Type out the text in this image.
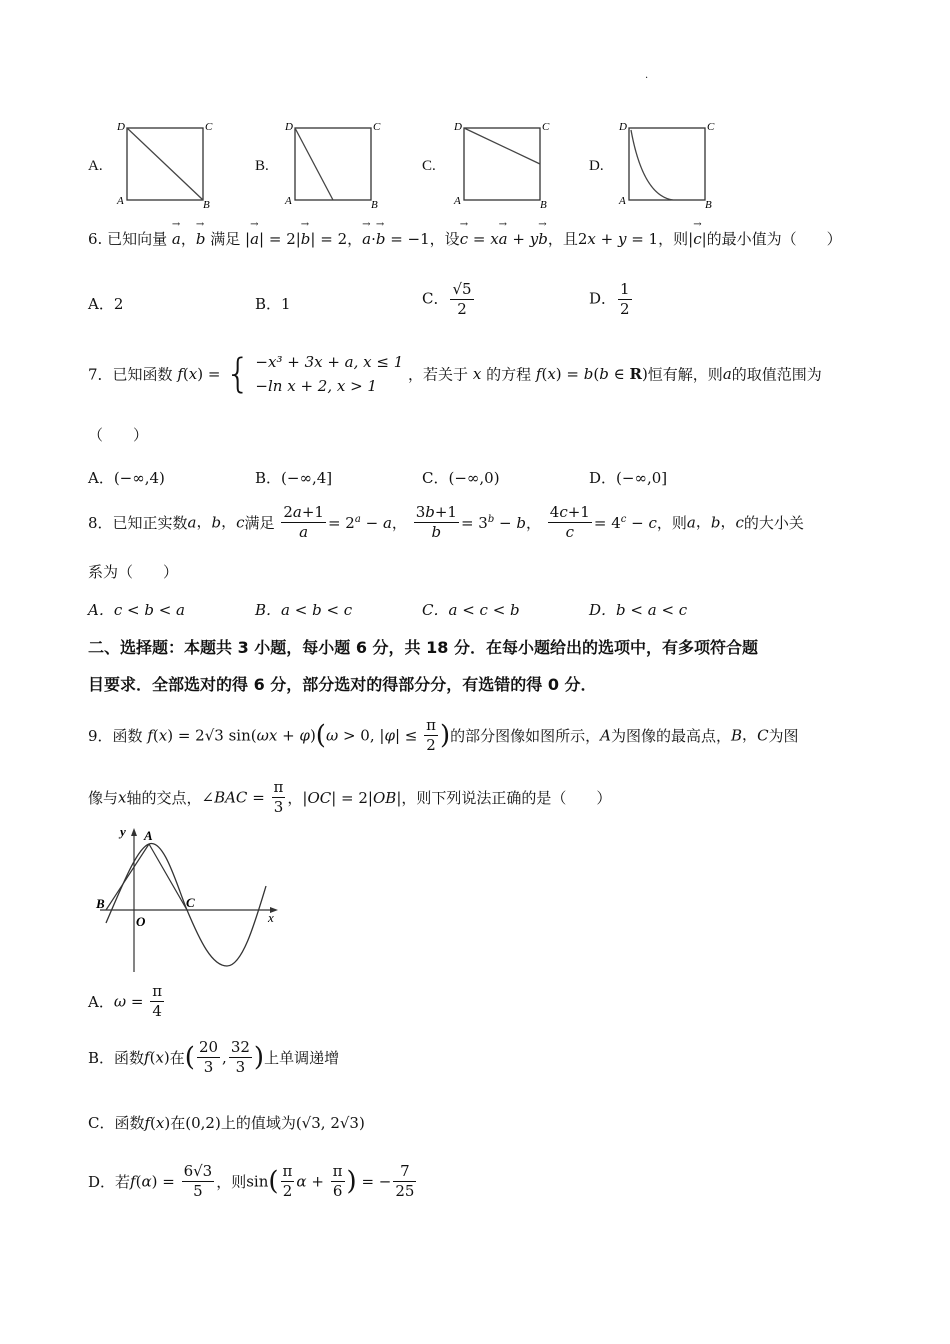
.
A.
D	C
A	B
B.
D	C
A	B
C.
D	C
A	B
D.
D	C
A	B
6. 已知向量 → a，→ b 满足 |→ a| = 2|→ b| = 2，→ a·→ b = −1，设→ c = x→ a + y→ b，且2x + y = 1，则|→ c|的最小值为（　　）
A．2	B．1	C． $\frac{√5}{2}$	D． $\frac{1}{2}$
7．已知函数 f(x) = { −x³ + 3x + a, x ≤ 1
−ln x + 2, x > 1
，若关于 x 的方程 f(x) = b(b ∈ R)恒有解，则a的取值范围为
（　　）
A．(−∞,4)	B．(−∞,4]	C．(−∞,0)	D．(−∞,0]
8．已知正实数a，b，c满足 $\frac{2a+1}{a} = 2^a - a$， $\frac{3b+1}{b} = 3^b - b$， $\frac{4c+1}{c} = 4^c - c$，则a，b，c的大小关
系为（　　）
A．c < b < a	B．a < b < c	C．a < c < b	D．b < a < c
二、选择题：本题共 3 小题，每小题 6 分，共 18 分．在每小题给出的选项中，有多项符合题
目要求．全部选对的得 6 分，部分选对的得部分分，有选错的得 0 分．
9．函数 f(x) = 2√3 sin(ωx + φ)(ω > 0, $|\varphi| \le \frac{\pi}{2}$ )的部分图像如图所示，A为图像的最高点，B，C为图
像与x轴的交点，∠BAC = $\frac{\pi}{3}$ ，|OC| = 2|OB|，则下列说法正确的是（　　）
y
x
A
B	C
O
A．$\omega = \frac{\pi}{4}$
B．函数f(x)在( $\frac{20}{3}$ , $\frac{32}{3}$ )上单调递增
C．函数f(x)在(0,2)上的值域为(√3, 2√3)
D．若$f(\alpha) = \frac{6√3}{5}$ ，则$\sin( \frac{\pi}{2}$ $\alpha + \frac{\pi}{6}$ ) = − $\frac{7}{25}$
